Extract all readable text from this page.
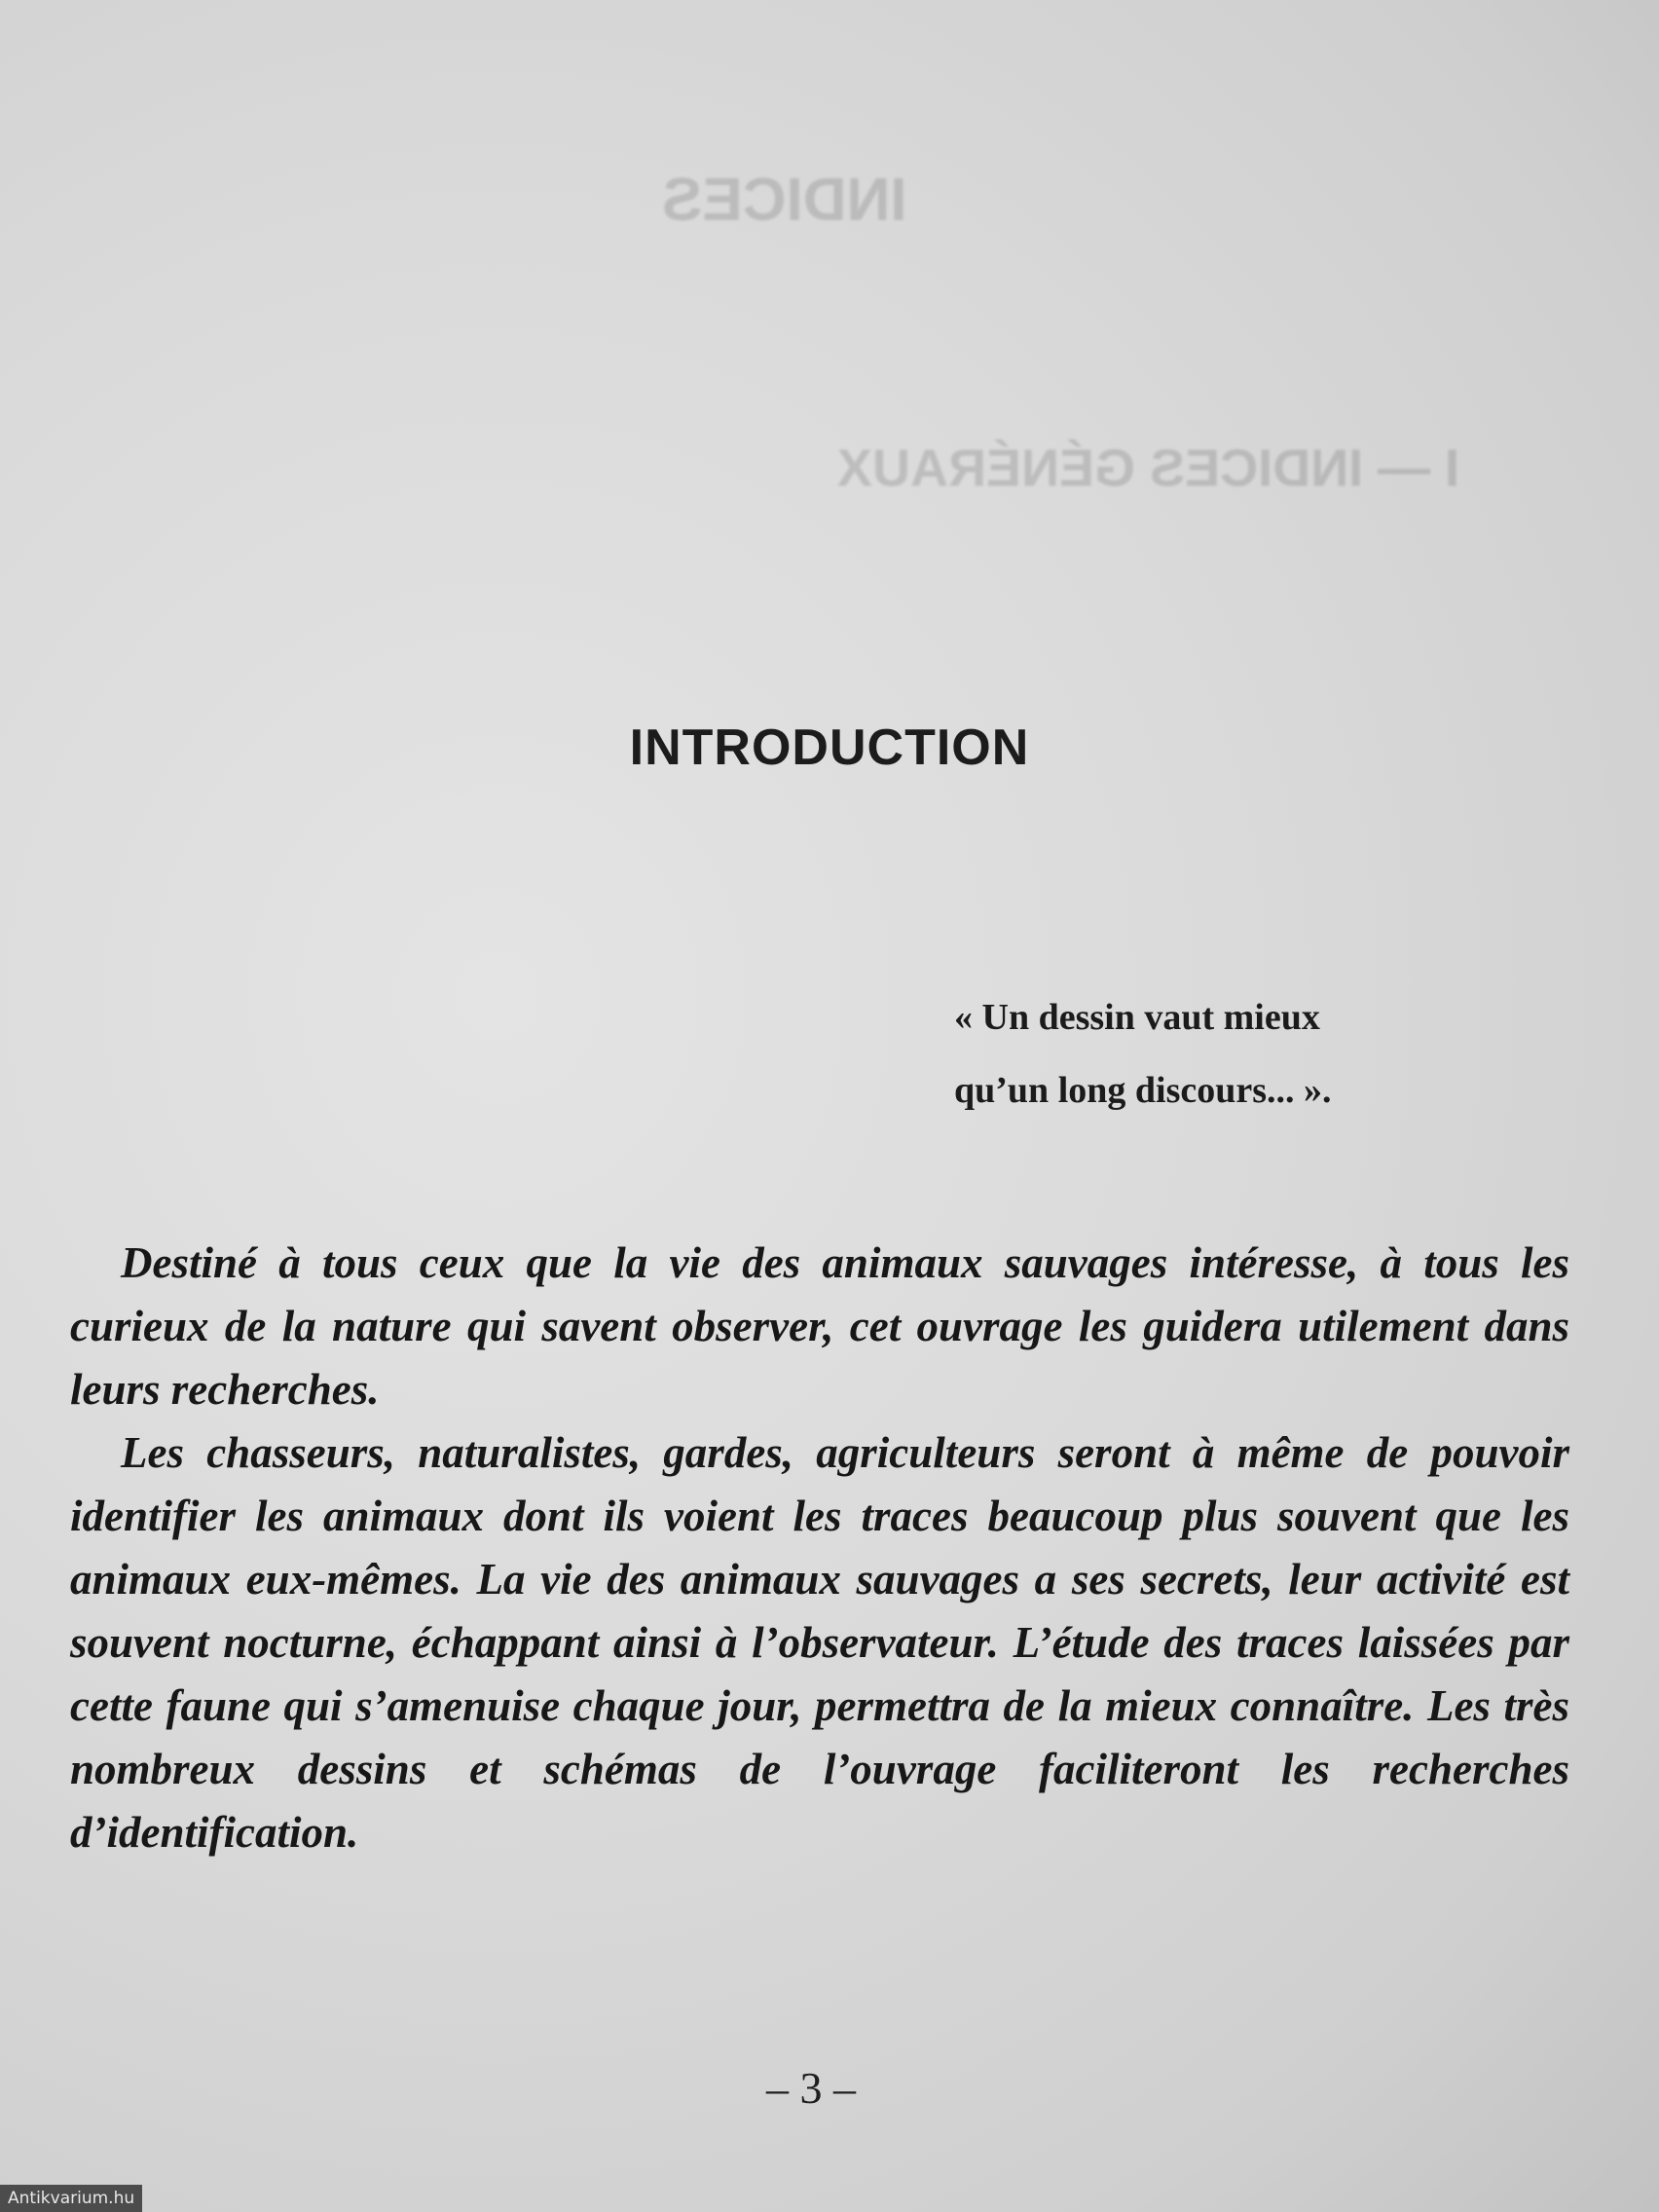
INDICES
I — INDICES GÉNÉRAUX

INTRODUCTION
« Un dessin vaut mieux
qu’un long discours... ».

Destiné à tous ceux que la vie des animaux sauvages intéresse, à tous les curieux de la nature qui savent observer, cet ouvrage les guidera utilement dans leurs recherches.

Les chasseurs, naturalistes, gardes, agriculteurs seront à même de pouvoir identifier les animaux dont ils voient les traces beaucoup plus souvent que les animaux eux-mêmes. La vie des animaux sauvages a ses secrets, leur activité est souvent nocturne, échappant ainsi à l’observateur. L’étude des traces laissées par cette faune qui s’amenuise chaque jour, permettra de la mieux connaître. Les très nombreux dessins et schémas de l’ouvrage faciliteront les recherches d’identification.

– 3 –
Antikvarium.hu
